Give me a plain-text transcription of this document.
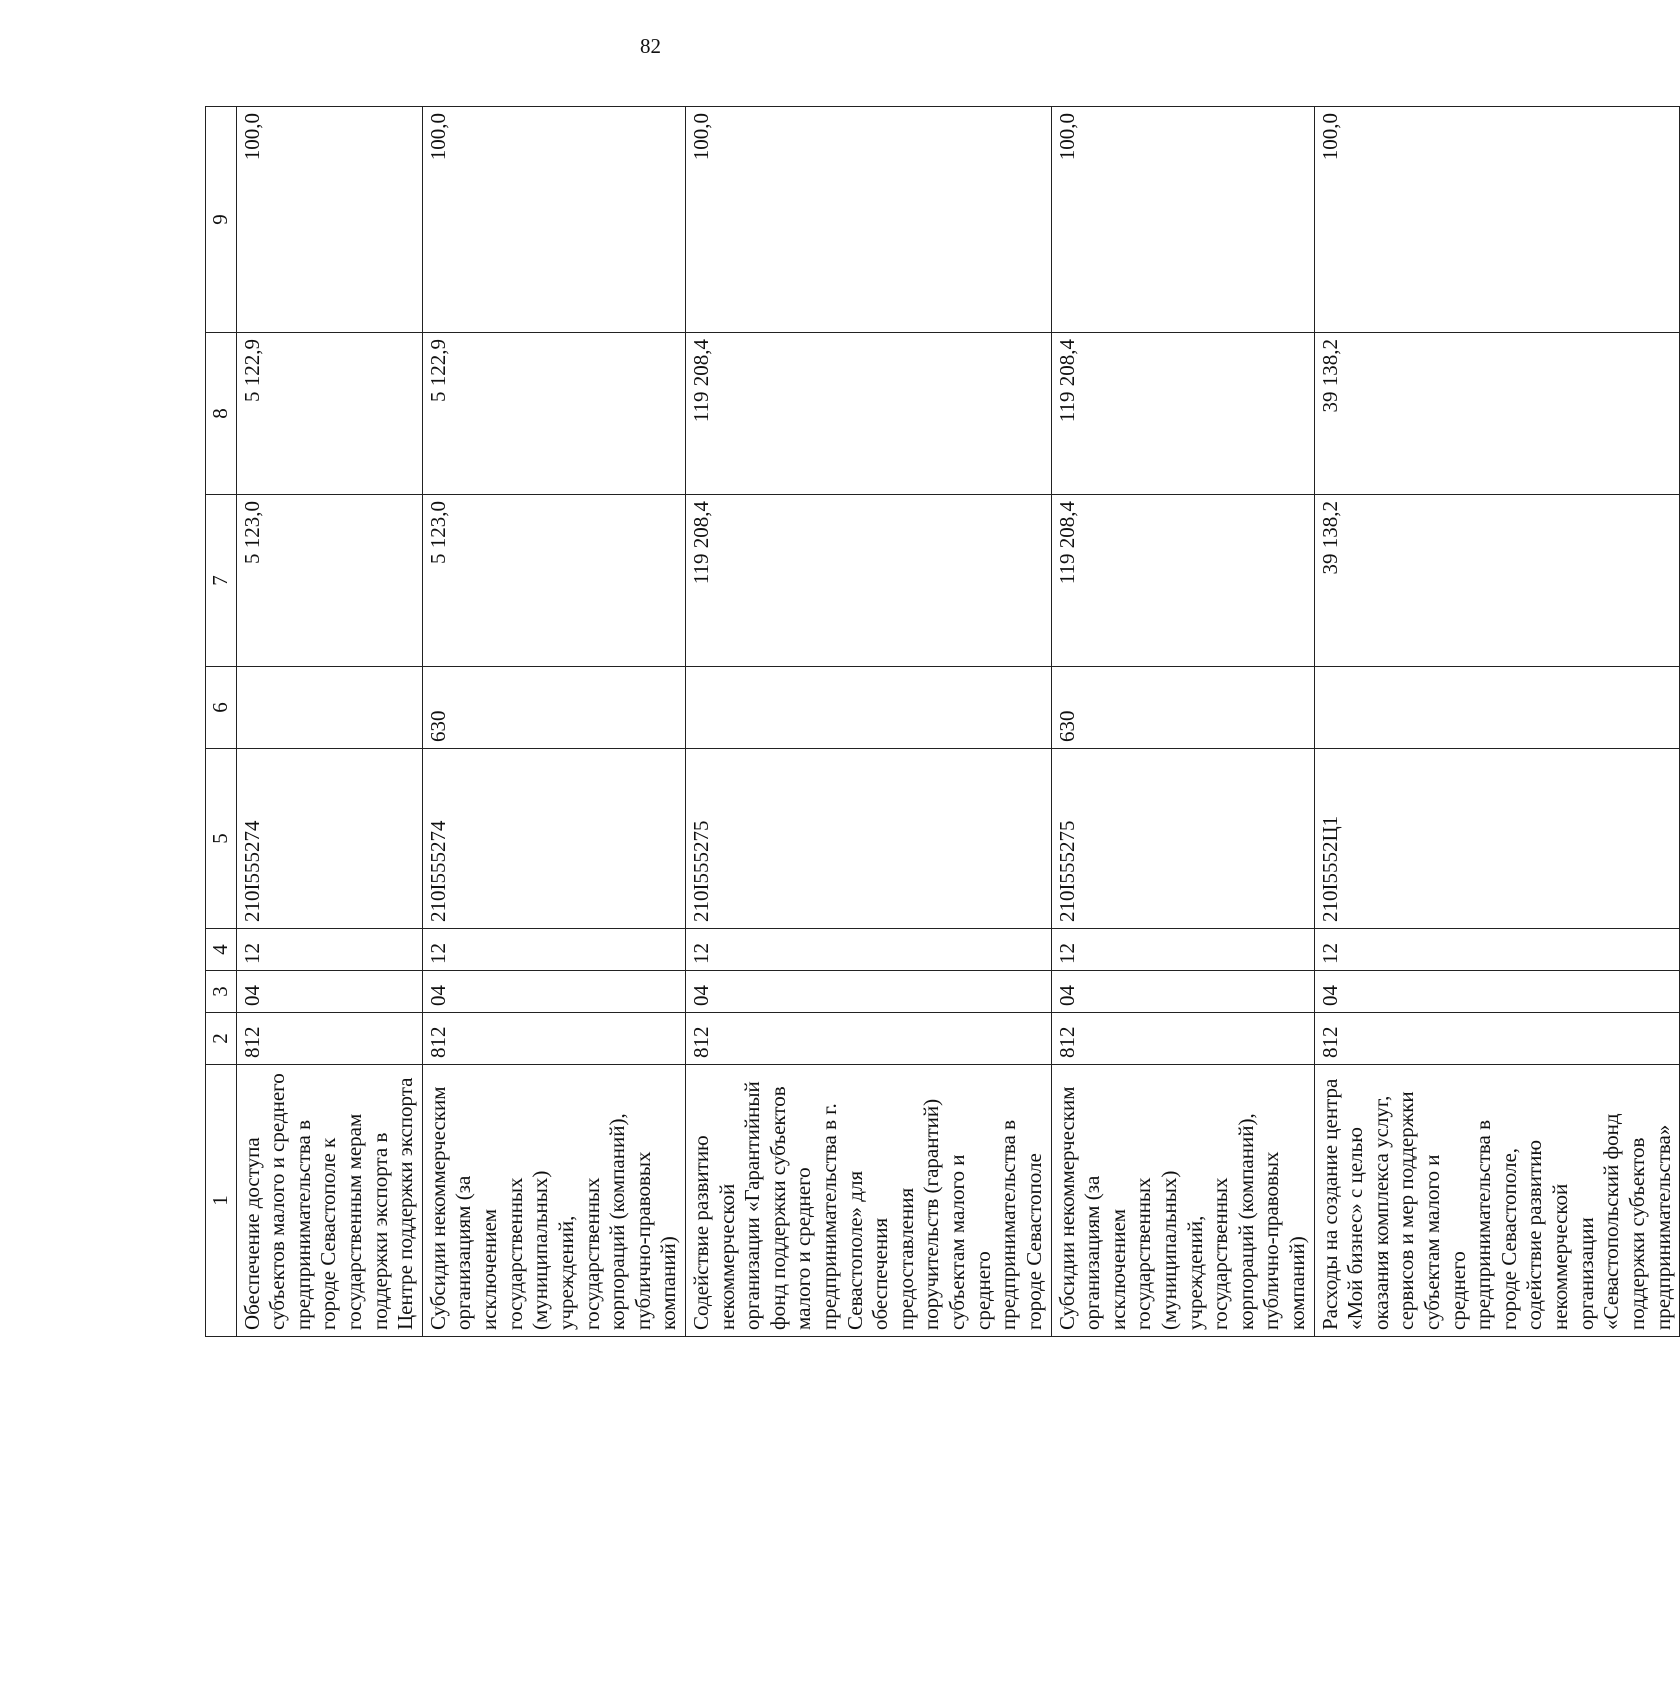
82
1	2	3	4	5	6	7	8	9
Обеспечение доступа субъектов малого и среднего предпринимательства в городе Севастополе к государственным мерам поддержки экспорта в Центре поддержки экспорта	812	04	12	210I555274		5 123,0	5 122,9	100,0
Субсидии некоммерческим организациям (за исключением государственных (муниципальных) учреждений, государственных корпораций (компаний), публично-правовых компаний)	812	04	12	210I555274	630	5 123,0	5 122,9	100,0
Содействие развитию некоммерческой организации «Гарантийный фонд поддержки субъектов малого и среднего предпринимательства в г. Севастополе» для обеспечения предоставления поручительств (гарантий) субъектам малого и среднего предпринимательства в городе Севастополе	812	04	12	210I555275		119 208,4	119 208,4	100,0
Субсидии некоммерческим организациям (за исключением государственных (муниципальных) учреждений, государственных корпораций (компаний), публично-правовых компаний)	812	04	12	210I555275	630	119 208,4	119 208,4	100,0
Расходы на создание центра «Мой бизнес» с целью оказания комплекса услуг, сервисов и мер поддержки субъектам малого и среднего предпринимательства в городе Севастополе, содействие развитию некоммерческой организации «Севастопольский фонд поддержки субъектов предпринимательства»	812	04	12	210I5552Ц1		39 138,2	39 138,2	100,0
